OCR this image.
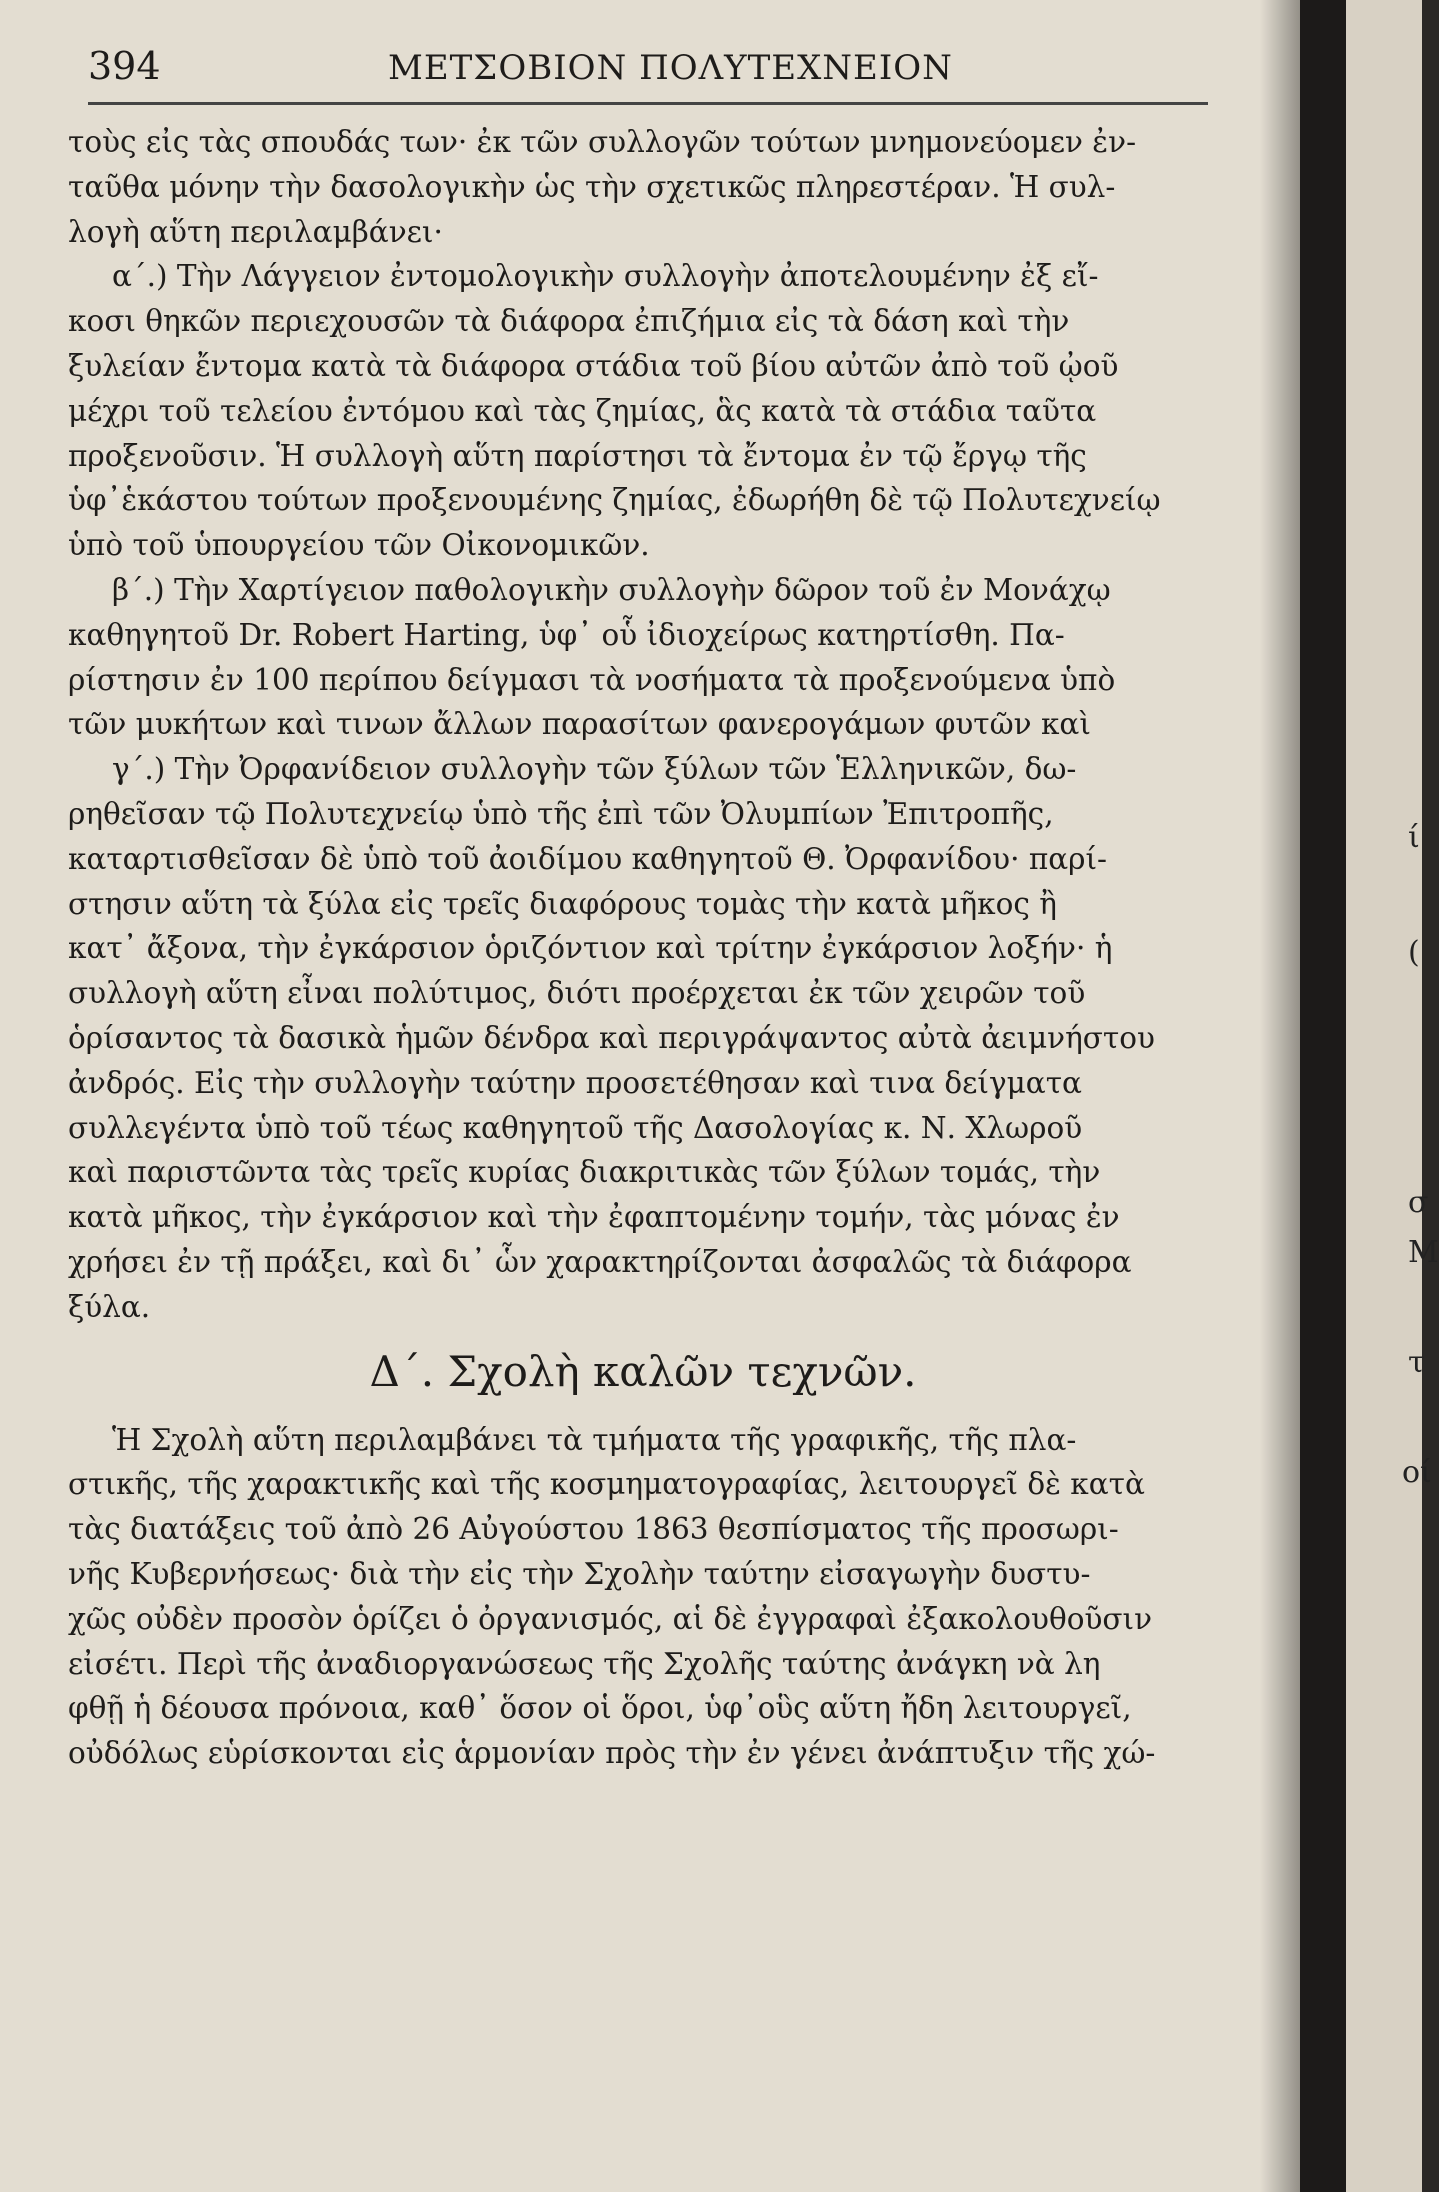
394	ΜΕΤΣΟΒΙΟΝ ΠΟΛΥΤΕΧΝΕΙΟΝ
τοὺς εἰς τὰς σπουδάς των· ἐκ τῶν συλλογῶν τούτων μνημονεύομεν ἐν-
ταῦθα μόνην τὴν δασολογικὴν ὡς τὴν σχετικῶς πληρεστέραν. Ἡ συλ-
λογὴ αὕτη περιλαμβάνει·
α΄.) Τὴν Λάγγειον ἐντομολογικὴν συλλογὴν ἀποτελουμένην ἐξ εἴ-
κοσι θηκῶν περιεχουσῶν τὰ διάφορα ἐπιζήμια εἰς τὰ δάση καὶ τὴν
ξυλείαν ἔντομα κατὰ τὰ διάφορα στάδια τοῦ βίου αὐτῶν ἀπὸ τοῦ ᾠοῦ
μέχρι τοῦ τελείου ἐντόμου καὶ τὰς ζημίας, ἃς κατὰ τὰ στάδια ταῦτα
προξενοῦσιν. Ἡ συλλογὴ αὕτη παρίστησι τὰ ἔντομα ἐν τῷ ἔργῳ τῆς
ὑφ᾽ἑκάστου τούτων προξενουμένης ζημίας, ἐδωρήθη δὲ τῷ Πολυτεχνείῳ
ὑπὸ τοῦ ὑπουργείου τῶν Οἰκονομικῶν.
β΄.) Τὴν Χαρτίγειον παθολογικὴν συλλογὴν δῶρον τοῦ ἐν Μονάχῳ
καθηγητοῦ Dr. Robert Harting, ὑφ᾽ οὗ ἰδιοχείρως κατηρτίσθη. Πα-
ρίστησιν ἐν 100 περίπου δείγμασι τὰ νοσήματα τὰ προξενούμενα ὑπὸ
τῶν μυκήτων καὶ τινων ἄλλων παρασίτων φανερογάμων φυτῶν καὶ
γ΄.) Τὴν Ὀρφανίδειον συλλογὴν τῶν ξύλων τῶν Ἑλληνικῶν, δω-
ρηθεῖσαν τῷ Πολυτεχνείῳ ὑπὸ τῆς ἐπὶ τῶν Ὀλυμπίων Ἐπιτροπῆς,
καταρτισθεῖσαν δὲ ὑπὸ τοῦ ἀοιδίμου καθηγητοῦ Θ. Ὀρφανίδου· παρί-
στησιν αὕτη τὰ ξύλα εἰς τρεῖς διαφόρους τομὰς τὴν κατὰ μῆκος ἢ
κατ᾽ ἄξονα, τὴν ἐγκάρσιον ὁριζόντιον καὶ τρίτην ἐγκάρσιον λοξήν· ἡ
συλλογὴ αὕτη εἶναι πολύτιμος, διότι προέρχεται ἐκ τῶν χειρῶν τοῦ
ὁρίσαντος τὰ δασικὰ ἡμῶν δένδρα καὶ περιγράψαντος αὐτὰ ἀειμνήστου
ἀνδρός. Εἰς τὴν συλλογὴν ταύτην προσετέθησαν καὶ τινα δείγματα
συλλεγέντα ὑπὸ τοῦ τέως καθηγητοῦ τῆς Δασολογίας κ. Ν. Χλωροῦ
καὶ παριστῶντα τὰς τρεῖς κυρίας διακριτικὰς τῶν ξύλων τομάς, τὴν
κατὰ μῆκος, τὴν ἐγκάρσιον καὶ τὴν ἐφαπτομένην τομήν, τὰς μόνας ἐν
χρήσει ἐν τῇ πράξει, καὶ δι᾽ ὧν χαρακτηρίζονται ἀσφαλῶς τὰ διάφορα
ξύλα.
Δ΄. Σχολὴ καλῶν τεχνῶν.
Ἡ Σχολὴ αὕτη περιλαμβάνει τὰ τμήματα τῆς γραφικῆς, τῆς πλα-
στικῆς, τῆς χαρακτικῆς καὶ τῆς κοσμηματογραφίας, λειτουργεῖ δὲ κατὰ
τὰς διατάξεις τοῦ ἀπὸ 26 Αὐγούστου 1863 θεσπίσματος τῆς προσωρι-
νῆς Κυβερνήσεως· διὰ τὴν εἰς τὴν Σχολὴν ταύτην εἰσαγωγὴν δυστυ-
χῶς οὐδὲν προσὸν ὁρίζει ὁ ὀργανισμός, αἱ δὲ ἐγγραφαὶ ἐξακολουθοῦσιν
εἰσέτι. Περὶ τῆς ἀναδιοργανώσεως τῆς Σχολῆς ταύτης ἀνάγκη νὰ λη
φθῇ ἡ δέουσα πρόνοια, καθ᾽ ὅσον οἱ ὅροι, ὑφ᾽οὓς αὕτη ἤδη λειτουργεῖ,
οὐδόλως εὑρίσκονται εἰς ἁρμονίαν πρὸς τὴν ἐν γένει ἀνάπτυξιν τῆς χώ-
ί
(
σ
Μ
τ
οί
